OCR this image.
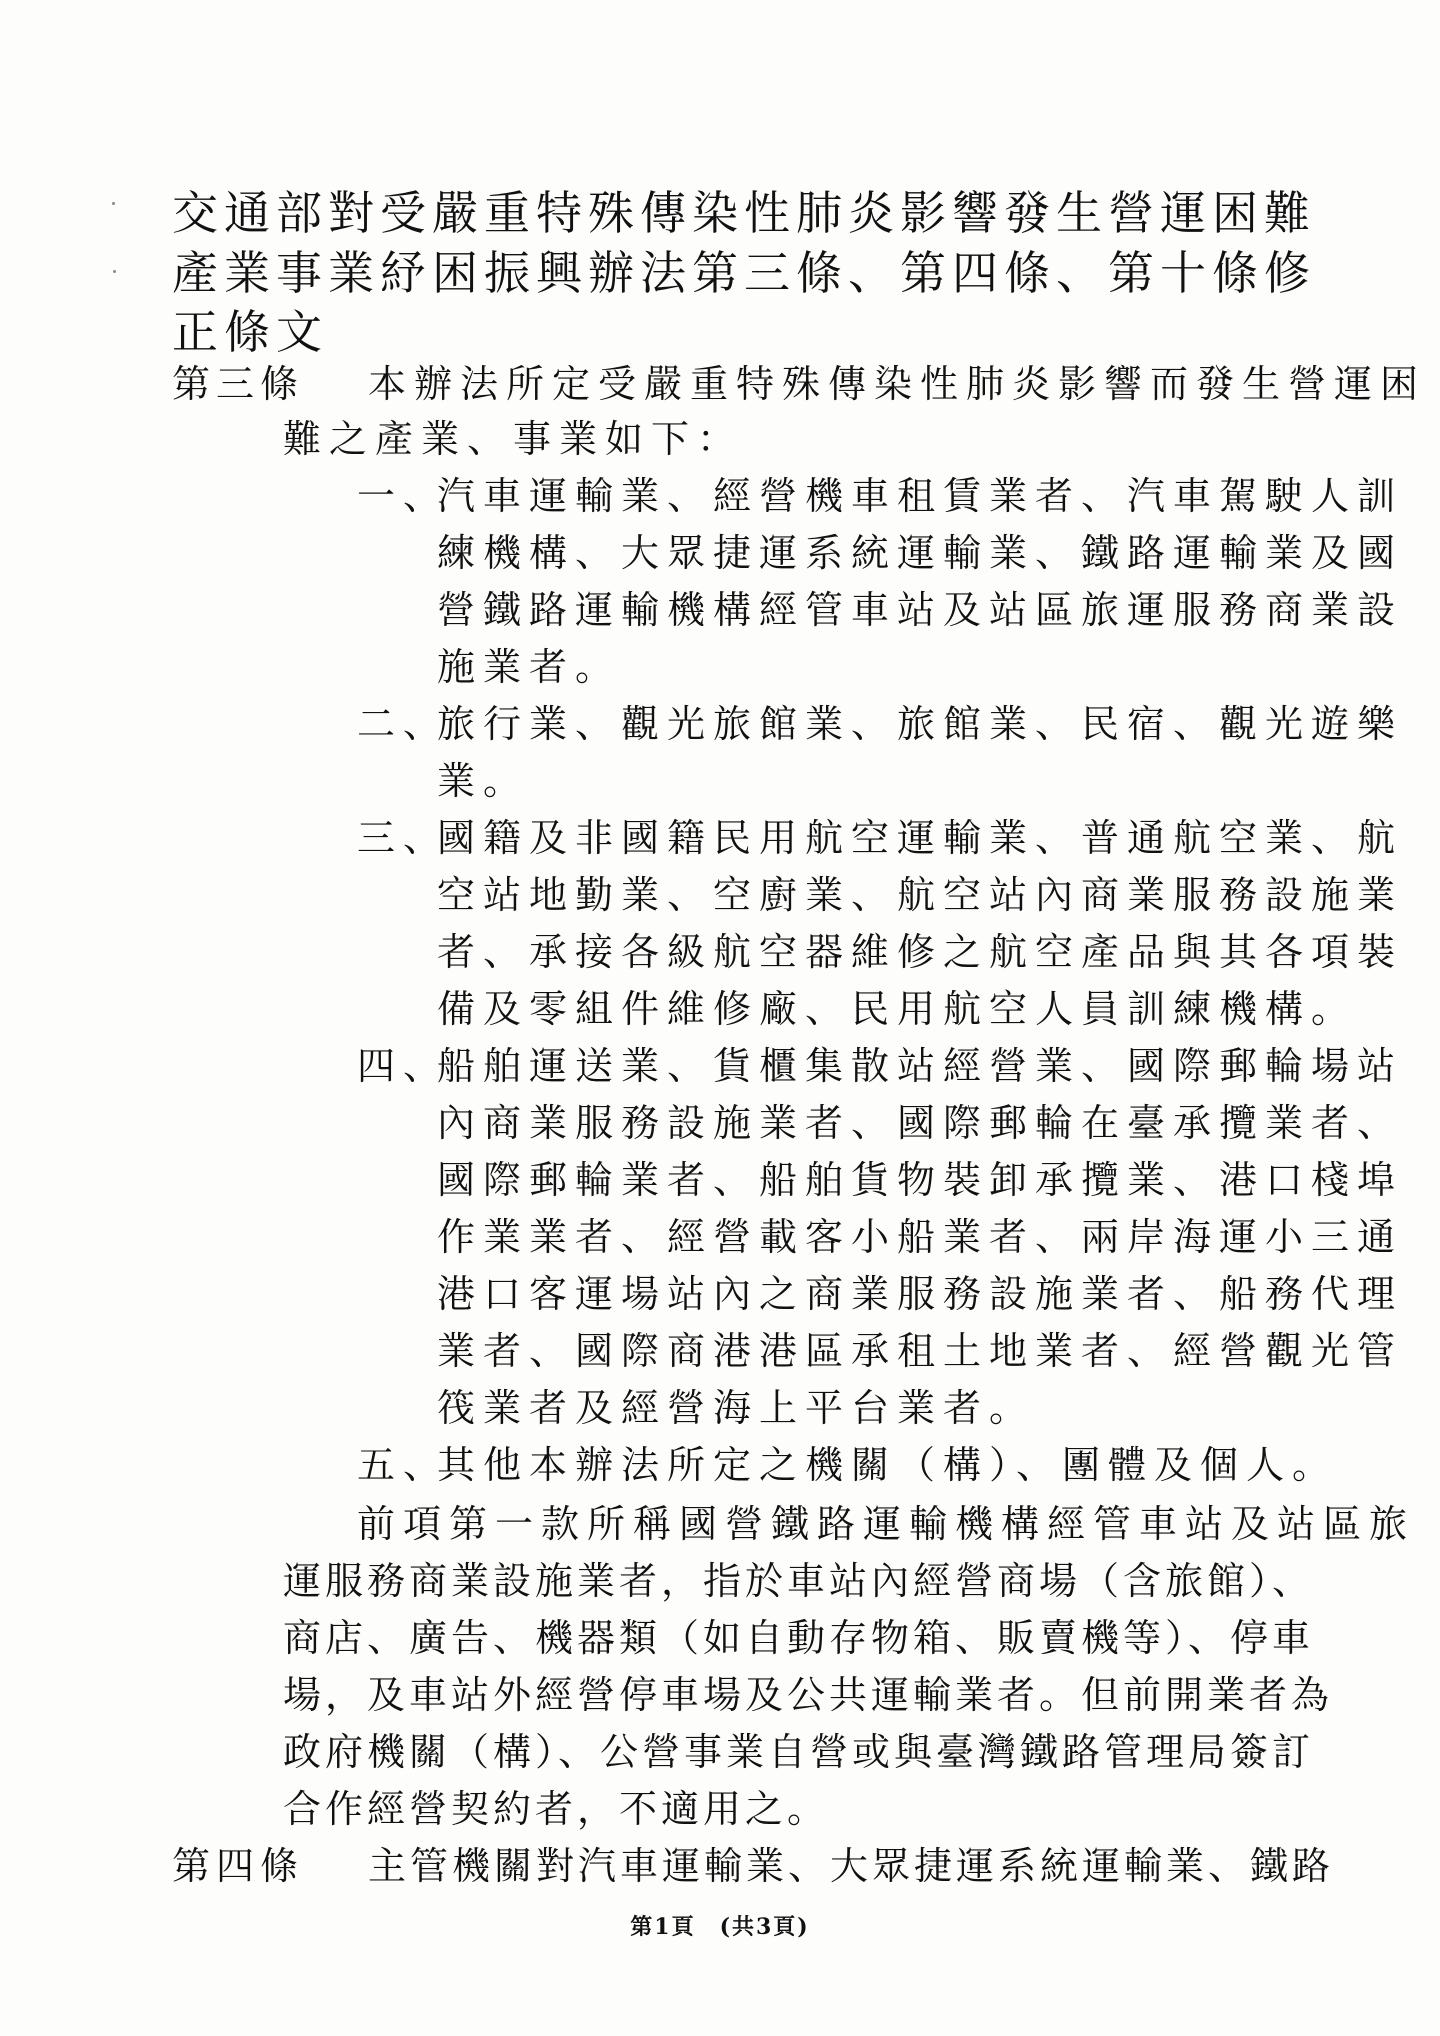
交通部對受嚴重特殊傳染性肺炎影響發生營運困難
產業事業紓困振興辦法第三條、第四條、第十條修
正條文
第三條 本辦法所定受嚴重特殊傳染性肺炎影響而發生營運困
難之產業、事業如下：
一、
汽車運輸業、經營機車租賃業者、汽車駕駛人訓
練機構、大眾捷運系統運輸業、鐵路運輸業及國
營鐵路運輸機構經管車站及站區旅運服務商業設
施業者。
二、
旅行業、觀光旅館業、旅館業、民宿、觀光遊樂
業。
三、
國籍及非國籍民用航空運輸業、普通航空業、航
空站地勤業、空廚業、航空站內商業服務設施業
者、承接各級航空器維修之航空產品與其各項裝
備及零組件維修廠、民用航空人員訓練機構。
四、
船舶運送業、貨櫃集散站經營業、國際郵輪場站
內商業服務設施業者、國際郵輪在臺承攬業者、
國際郵輪業者、船舶貨物裝卸承攬業、港口棧埠
作業業者、經營載客小船業者、兩岸海運小三通
港口客運場站內之商業服務設施業者、船務代理
業者、國際商港港區承租土地業者、經營觀光管
筏業者及經營海上平台業者。
五、
其他本辦法所定之機關（構）、團體及個人。
前項第一款所稱國營鐵路運輸機構經管車站及站區旅
運服務商業設施業者，指於車站內經營商場（含旅館）、
商店、廣告、機器類（如自動存物箱、販賣機等）、停車
場，及車站外經營停車場及公共運輸業者。但前開業者為
政府機關（構）、公營事業自營或與臺灣鐵路管理局簽訂
合作經營契約者，不適用之。
第四條 主管機關對汽車運輸業、大眾捷運系統運輸業、鐵路
第1頁　(共3頁)
